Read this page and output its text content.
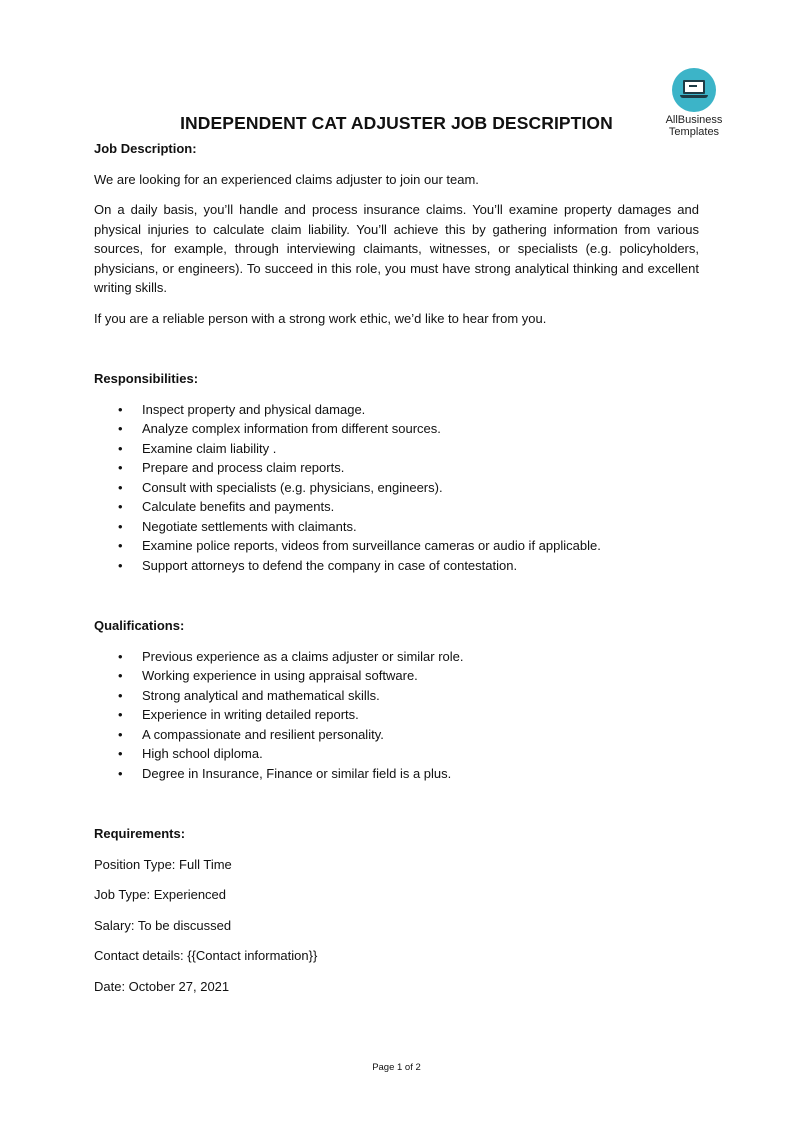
AllBusiness
Templates
INDEPENDENT CAT ADJUSTER JOB DESCRIPTION
Job Description:

We are looking for an experienced claims adjuster to join our team.

On a daily basis, you’ll handle and process insurance claims. You’ll examine property damages and physical injuries to calculate claim liability. You’ll achieve this by gathering information from various sources, for example, through interviewing claimants, witnesses, or specialists (e.g. policyholders, physicians, or engineers). To succeed in this role, you must have strong analytical thinking and excellent writing skills.

If you are a reliable person with a strong work ethic, we’d like to hear from you.

Responsibilities:
• Inspect property and physical damage.
• Analyze complex information from different sources.
• Examine claim liability .
• Prepare and process claim reports.
• Consult with specialists (e.g. physicians, engineers).
• Calculate benefits and payments.
• Negotiate settlements with claimants.
• Examine police reports, videos from surveillance cameras or audio if applicable.
• Support attorneys to defend the company in case of contestation.
Qualifications:
• Previous experience as a claims adjuster or similar role.
• Working experience in using appraisal software.
• Strong analytical and mathematical skills.
• Experience in writing detailed reports.
• A compassionate and resilient personality.
• High school diploma.
• Degree in Insurance, Finance or similar field is a plus.
Requirements:

Position Type: Full Time

Job Type: Experienced

Salary: To be discussed

Contact details: {{Contact information}}

Date: October 27, 2021

Page 1 of 2
